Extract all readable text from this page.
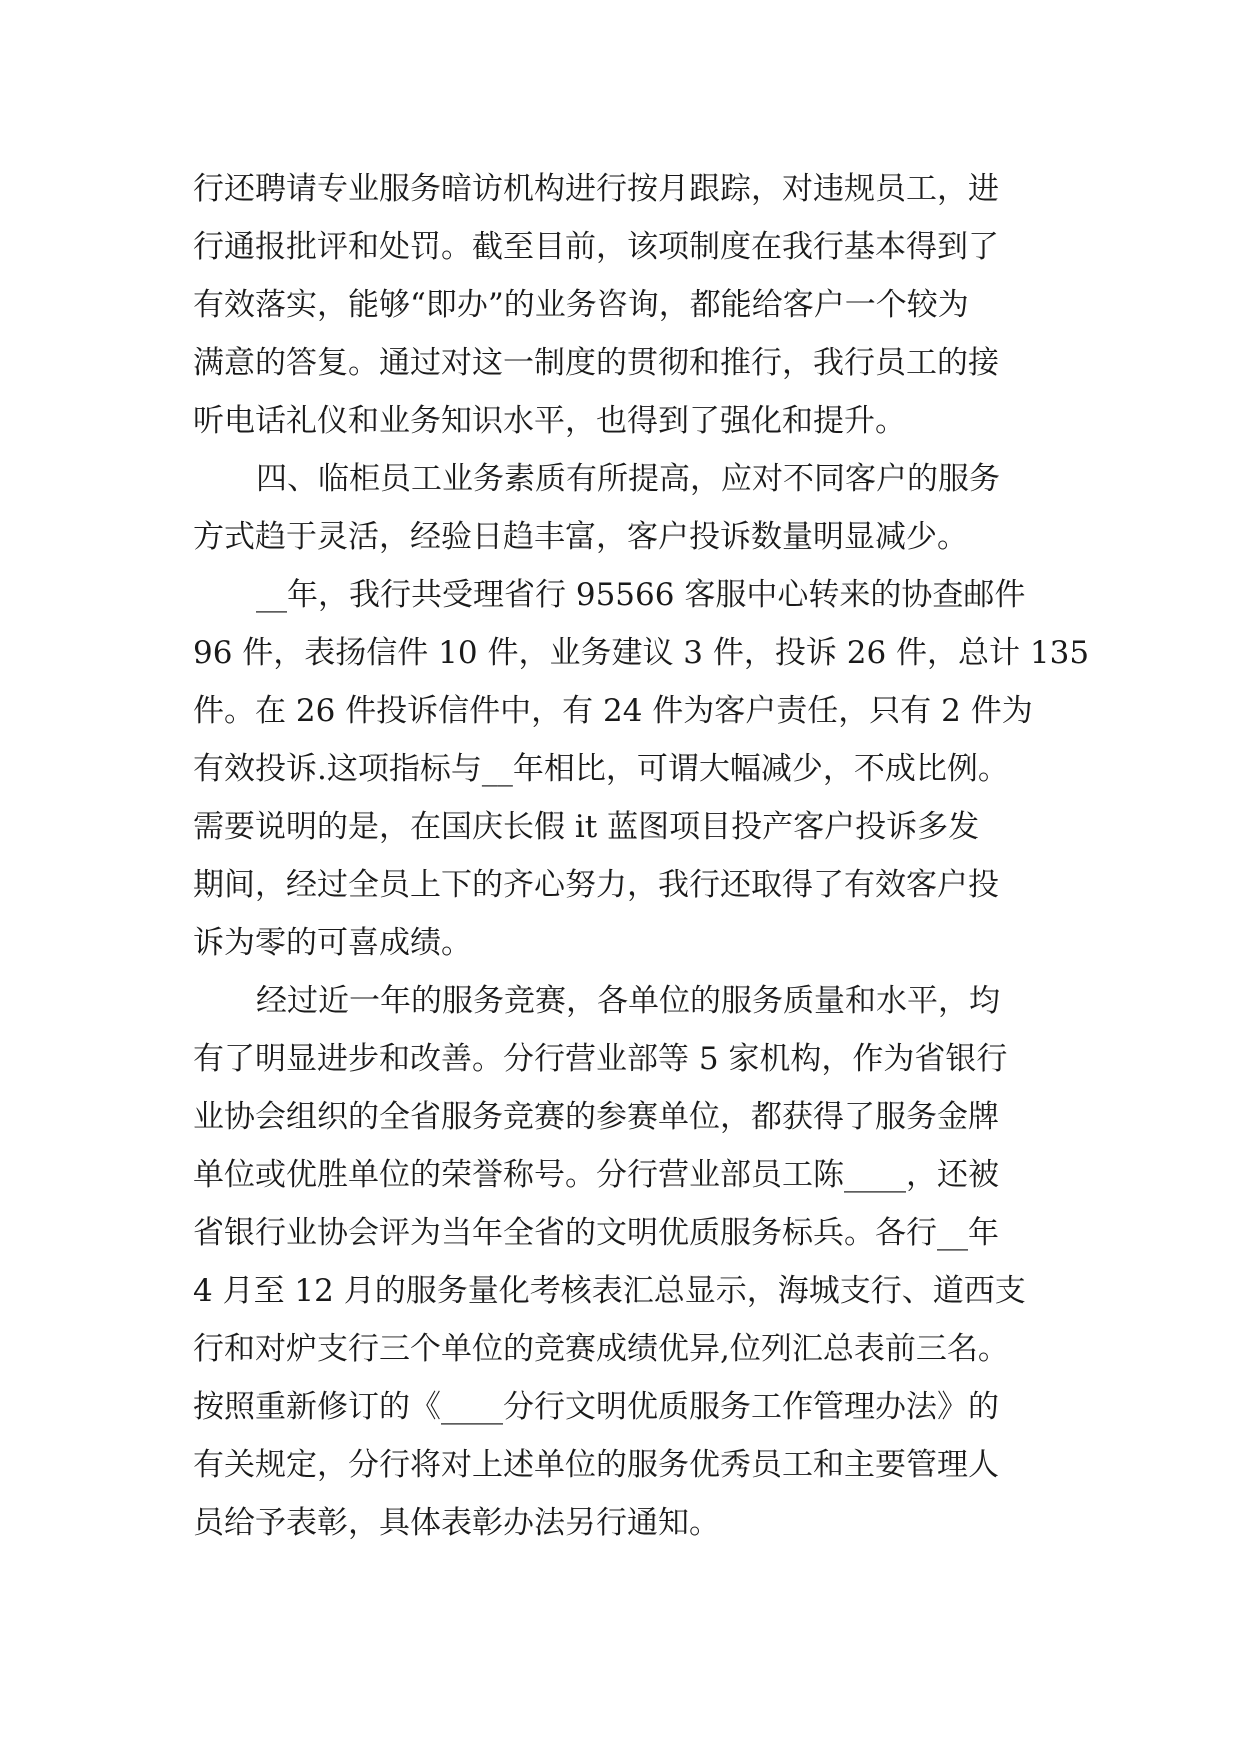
行还聘请专业服务暗访机构进行按月跟踪，对违规员工，进
行通报批评和处罚。截至目前，该项制度在我行基本得到了
有效落实，能够“即办”的业务咨询，都能给客户一个较为
满意的答复。通过对这一制度的贯彻和推行，我行员工的接
听电话礼仪和业务知识水平，也得到了强化和提升。
四、临柜员工业务素质有所提高，应对不同客户的服务
方式趋于灵活，经验日趋丰富，客户投诉数量明显减少。
__年，我行共受理省行 95566 客服中心转来的协查邮件
96 件，表扬信件 10 件，业务建议 3 件，投诉 26 件，总计 135
件。在 26 件投诉信件中，有 24 件为客户责任，只有 2 件为
有效投诉.这项指标与__年相比，可谓大幅减少，不成比例。
需要说明的是，在国庆长假 it 蓝图项目投产客户投诉多发
期间，经过全员上下的齐心努力，我行还取得了有效客户投
诉为零的可喜成绩。
经过近一年的服务竞赛，各单位的服务质量和水平，均
有了明显进步和改善。分行营业部等 5 家机构，作为省银行
业协会组织的全省服务竞赛的参赛单位，都获得了服务金牌
单位或优胜单位的荣誉称号。分行营业部员工陈____，还被
省银行业协会评为当年全省的文明优质服务标兵。各行__年
4 月至 12 月的服务量化考核表汇总显示，海城支行、道西支
行和对炉支行三个单位的竞赛成绩优异,位列汇总表前三名。
按照重新修订的《____分行文明优质服务工作管理办法》的
有关规定，分行将对上述单位的服务优秀员工和主要管理人
员给予表彰，具体表彰办法另行通知。
